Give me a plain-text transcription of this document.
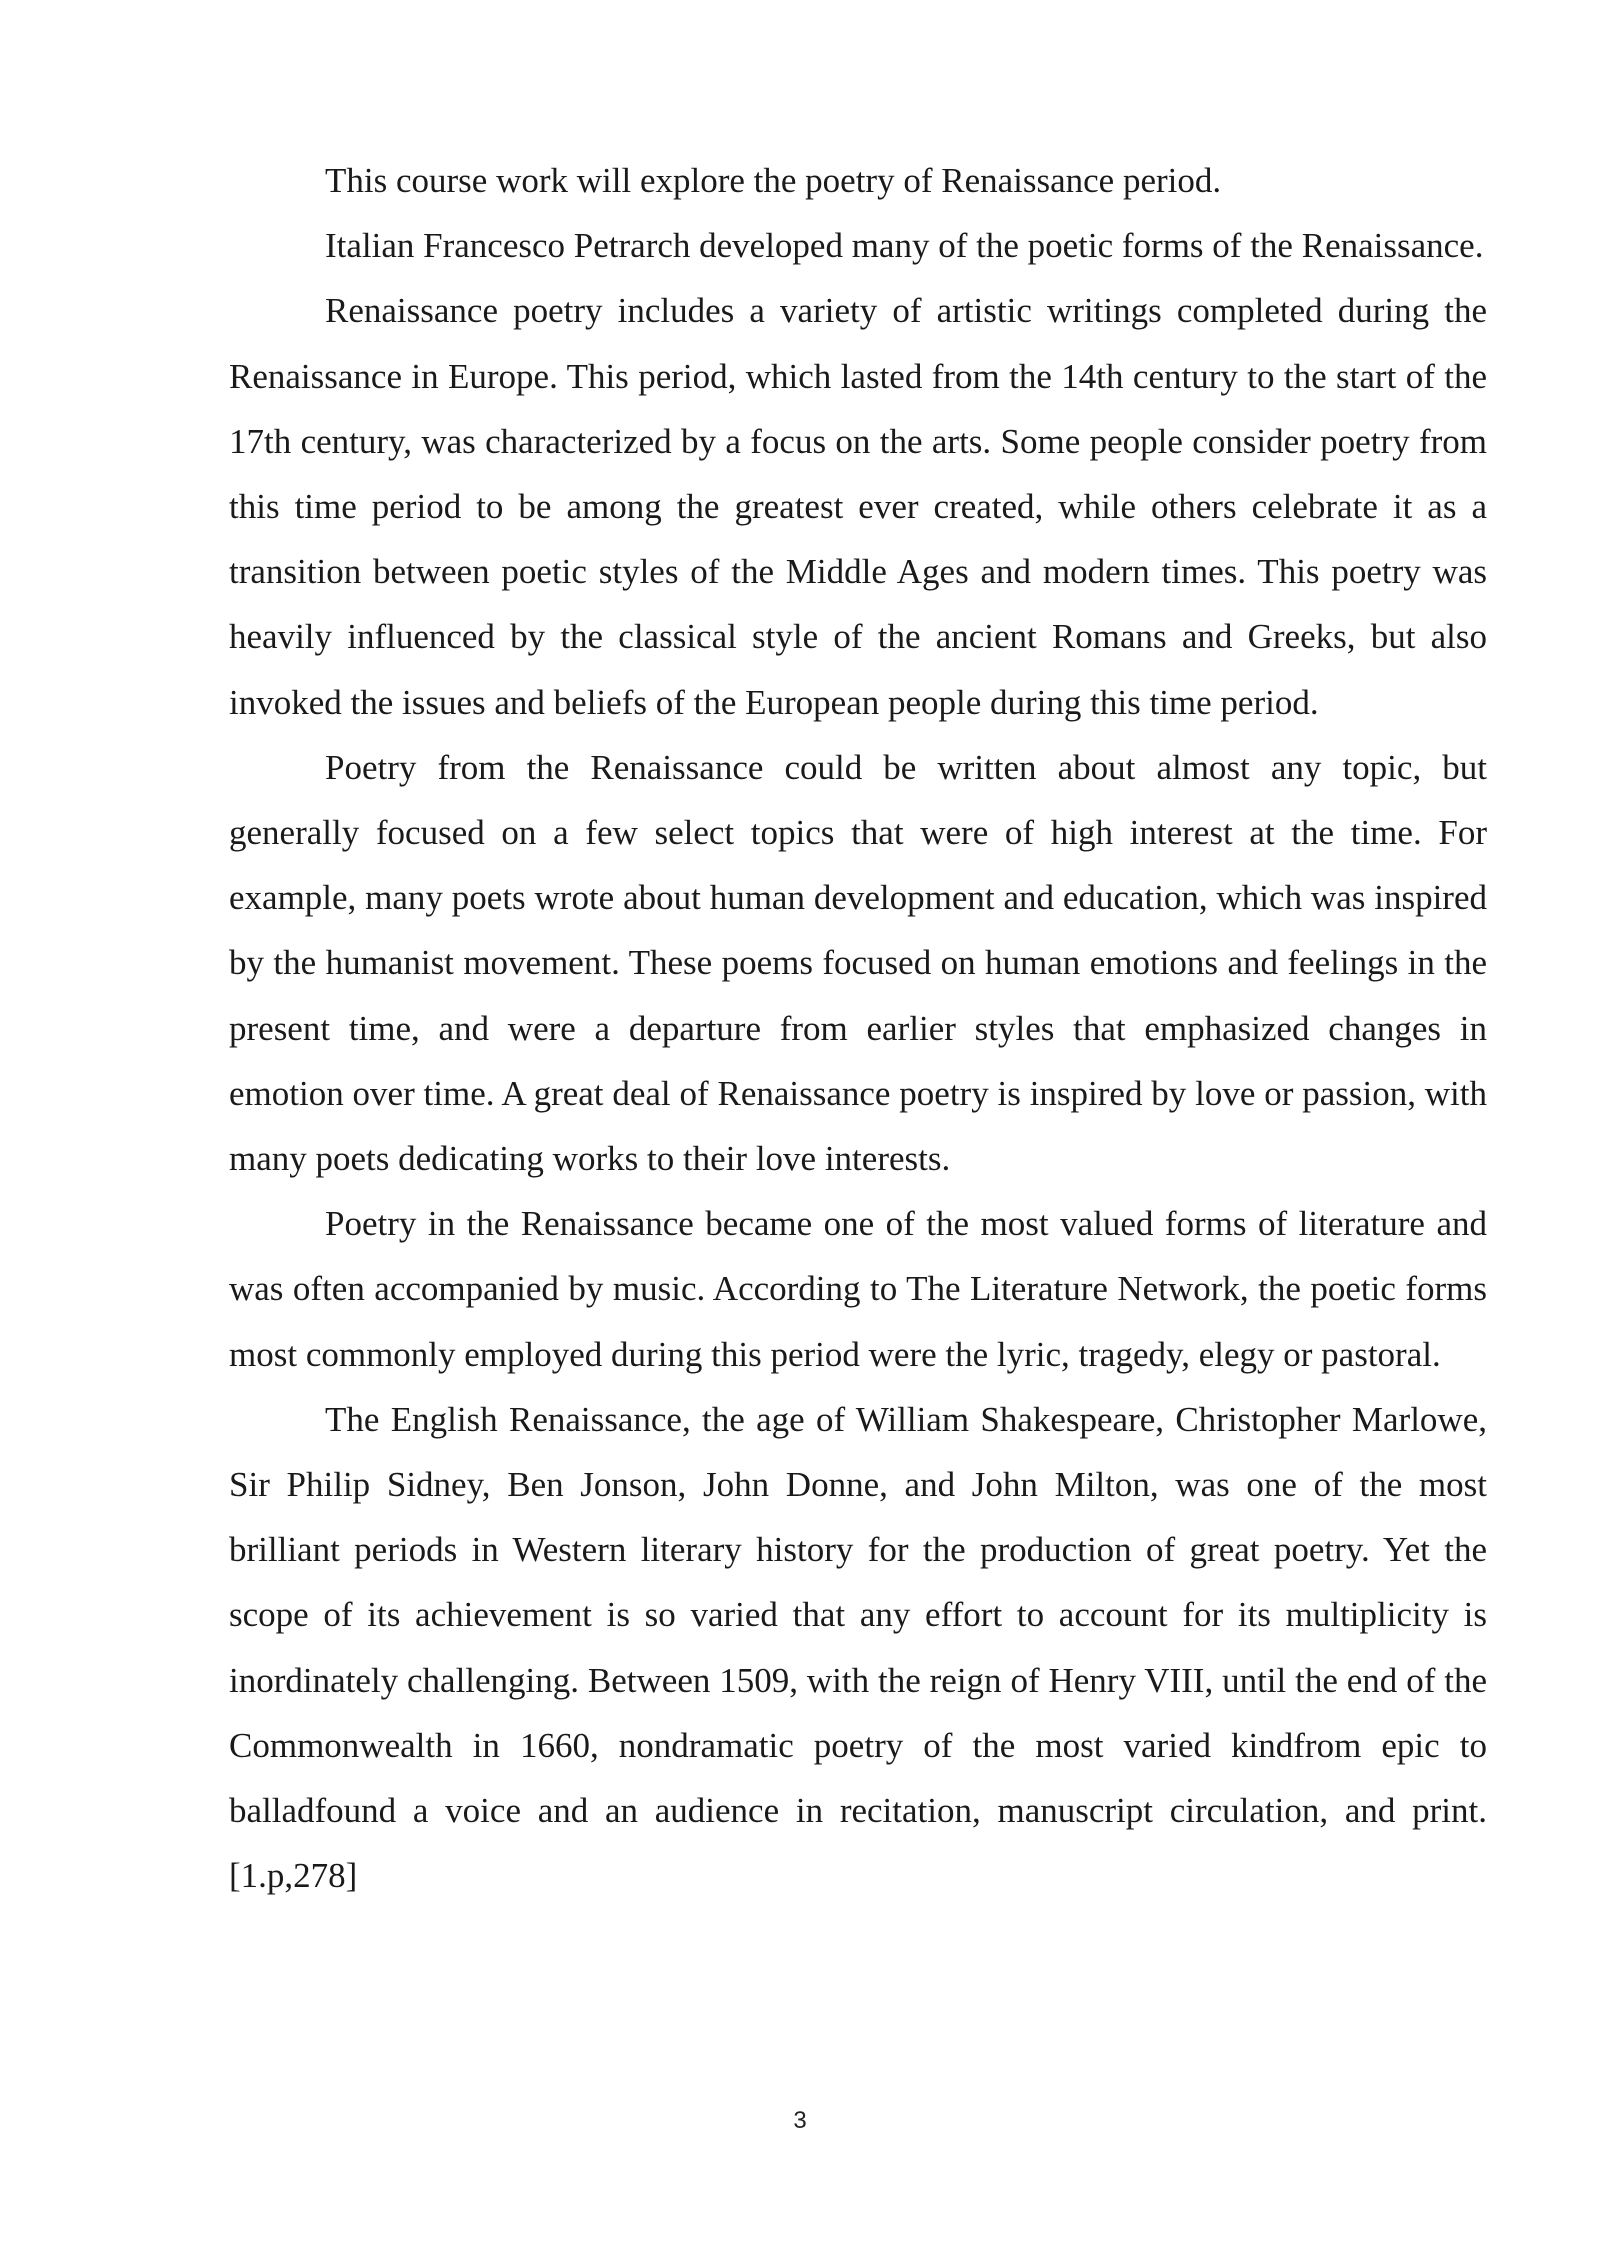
This course work will explore the poetry of Renaissance period.

Italian Francesco Petrarch developed many of the poetic forms of the Renaissance.

Renaissance poetry includes a variety of artistic writings completed during the Renaissance in Europe. This period, which lasted from the 14th century to the start of the 17th century, was characterized by a focus on the arts. Some people consider poetry from this time period to be among the greatest ever created, while others celebrate it as a transition between poetic styles of the Middle Ages and modern times. This poetry was heavily influenced by the classical style of the ancient Romans and Greeks, but also invoked the issues and beliefs of the European people during this time period.

Poetry from the Renaissance could be written about almost any topic, but generally focused on a few select topics that were of high interest at the time. For example, many poets wrote about human development and education, which was inspired by the humanist movement. These poems focused on human emotions and feelings in the present time, and were a departure from earlier styles that emphasized changes in emotion over time. A great deal of Renaissance poetry is inspired by love or passion, with many poets dedicating works to their love interests.

Poetry in the Renaissance became one of the most valued forms of literature and was often accompanied by music. According to The Literature Network, the poetic forms most commonly employed during this period were the lyric, tragedy, elegy or pastoral.

The English Renaissance, the age of William Shakespeare, Christopher Marlowe, Sir Philip Sidney, Ben Jonson, John Donne, and John Milton, was one of the most brilliant periods in Western literary history for the production of great poetry. Yet the scope of its achievement is so varied that any effort to account for its multiplicity is inordinately challenging. Between 1509, with the reign of Henry VIII, until the end of the Commonwealth in 1660, nondramatic poetry of the most varied kindfrom epic to balladfound a voice and an audience in recitation, manuscript circulation, and print.[1.p,278]

3
